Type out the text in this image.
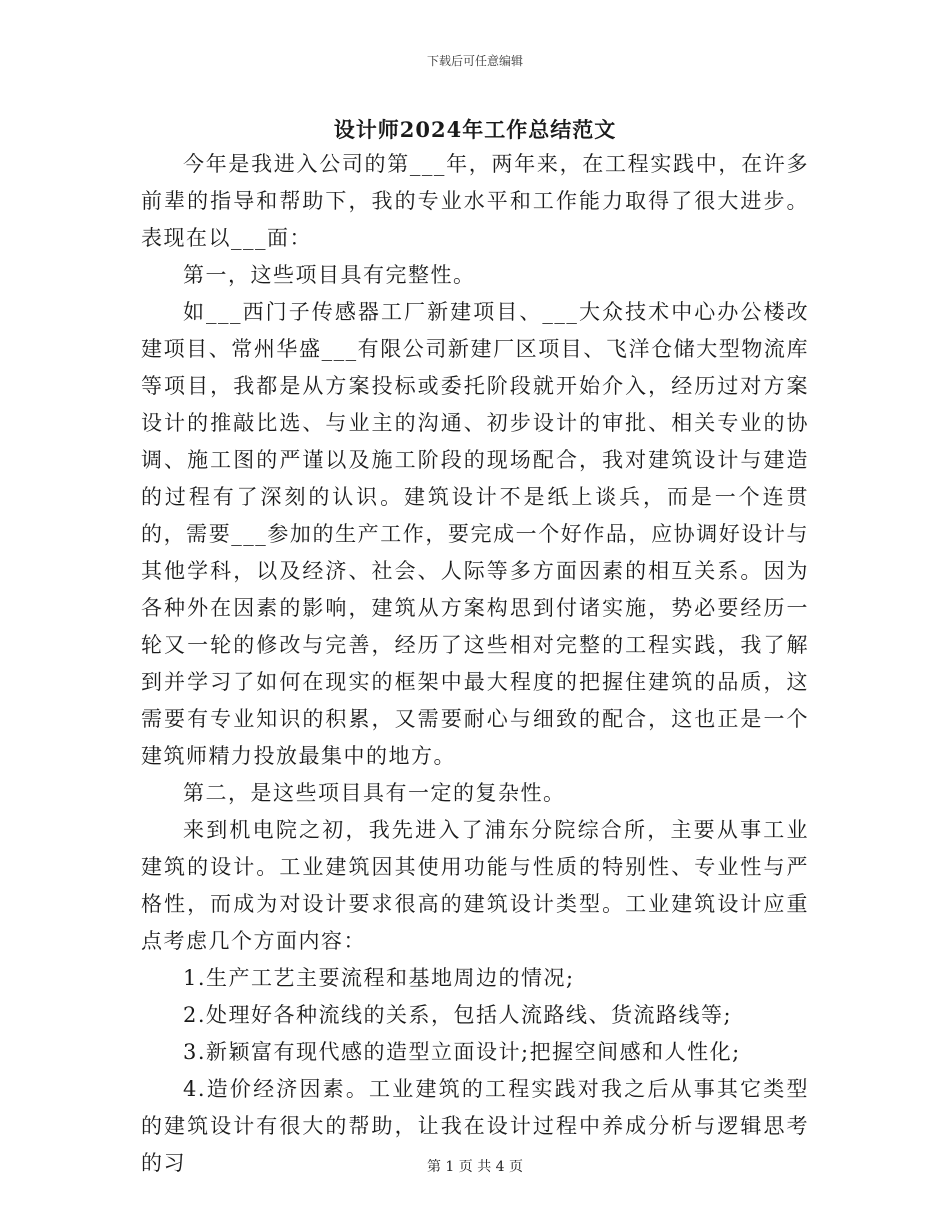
下载后可任意编辑
设计师2024年工作总结范文

今年是我进入公司的第___年，两年来，在工程实践中，在许多前辈的指导和帮助下，我的专业水平和工作能力取得了很大进步。表现在以___面：

第一，这些项目具有完整性。

如___西门子传感器工厂新建项目、___大众技术中心办公楼改建项目、常州华盛___有限公司新建厂区项目、飞洋仓储大型物流库等项目，我都是从方案投标或委托阶段就开始介入，经历过对方案设计的推敲比选、与业主的沟通、初步设计的审批、相关专业的协调、施工图的严谨以及施工阶段的现场配合，我对建筑设计与建造的过程有了深刻的认识。建筑设计不是纸上谈兵，而是一个连贯的，需要___参加的生产工作，要完成一个好作品，应协调好设计与其他学科，以及经济、社会、人际等多方面因素的相互关系。因为各种外在因素的影响，建筑从方案构思到付诸实施，势必要经历一轮又一轮的修改与完善，经历了这些相对完整的工程实践，我了解到并学习了如何在现实的框架中最大程度的把握住建筑的品质，这需要有专业知识的积累，又需要耐心与细致的配合，这也正是一个建筑师精力投放最集中的地方。

第二，是这些项目具有一定的复杂性。

来到机电院之初，我先进入了浦东分院综合所，主要从事工业建筑的设计。工业建筑因其使用功能与性质的特别性、专业性与严格性，而成为对设计要求很高的建筑设计类型。工业建筑设计应重点考虑几个方面内容：

1.生产工艺主要流程和基地周边的情况;

2.处理好各种流线的关系，包括人流路线、货流路线等;

3.新颖富有现代感的造型立面设计;把握空间感和人性化;

4.造价经济因素。工业建筑的工程实践对我之后从事其它类型的建筑设计有很大的帮助，让我在设计过程中养成分析与逻辑思考的习	第 1 页 共 4 页
